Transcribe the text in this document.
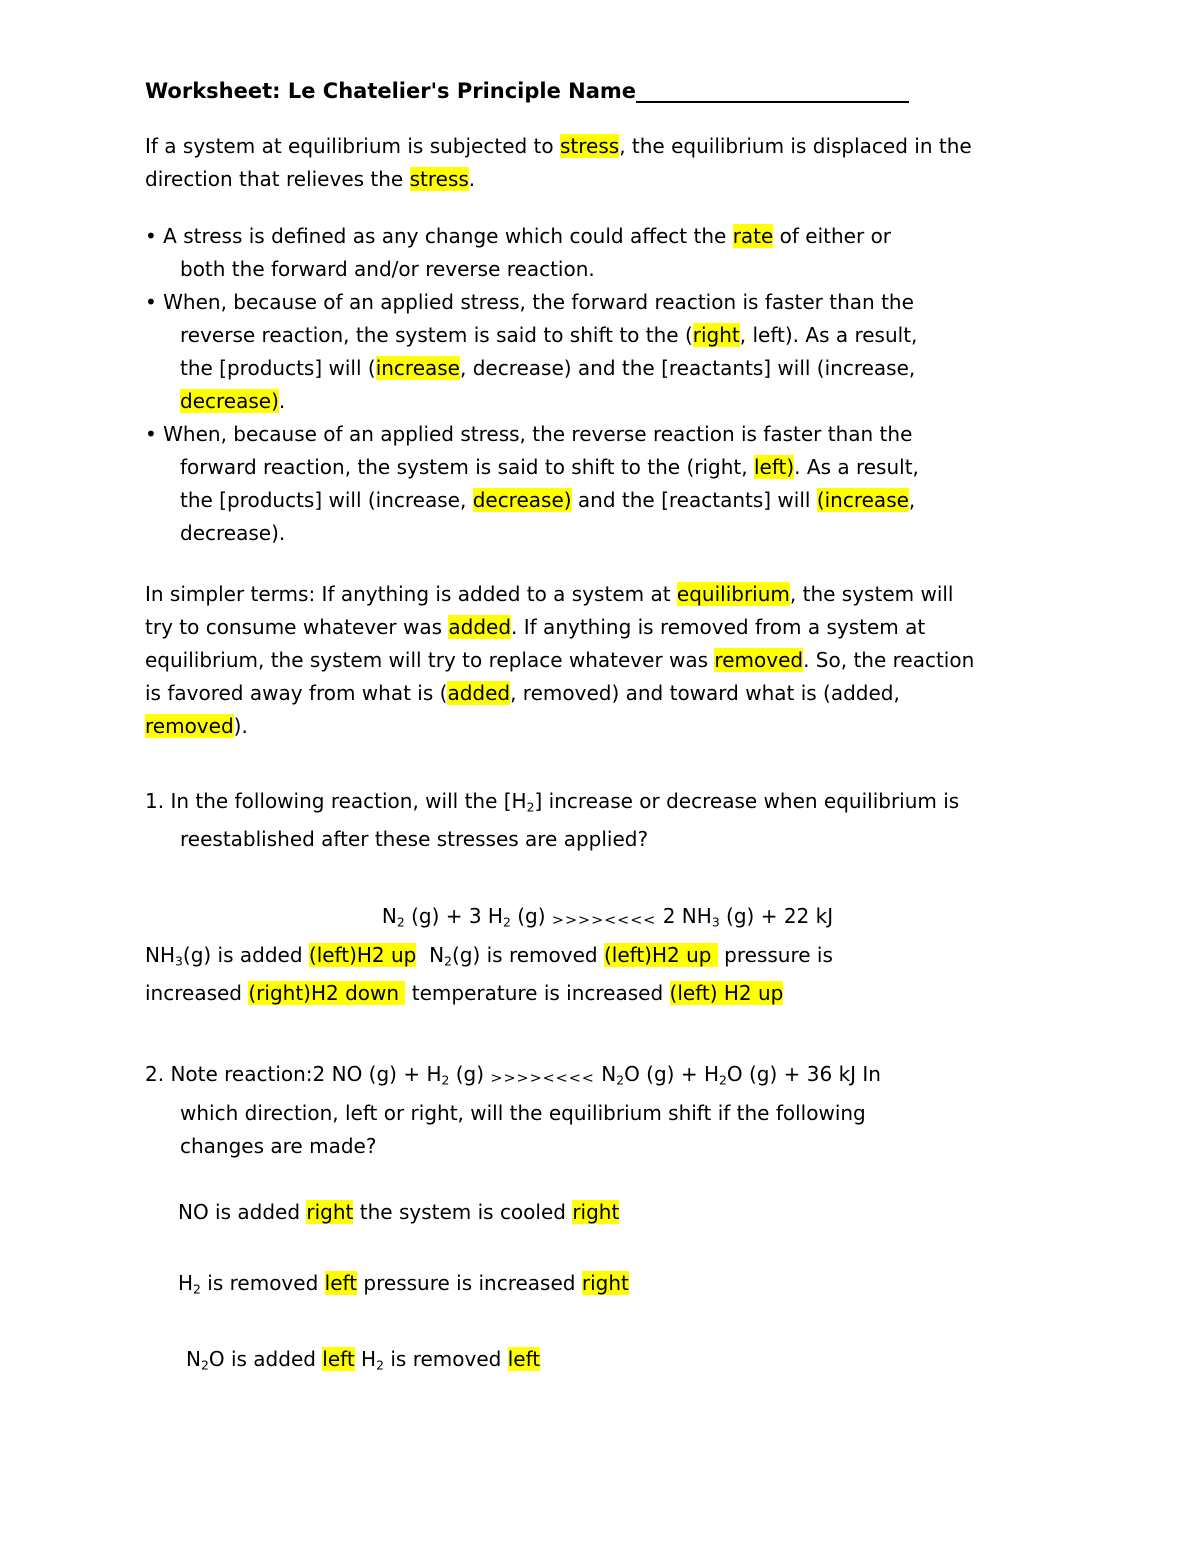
Worksheet: Le Chatelier's Principle Name__________________________
If a system at equilibrium is subjected to stress, the equilibrium is displaced in the
direction that relieves the stress.
• A stress is defined as any change which could affect the rate of either or
both the forward and/or reverse reaction.
• When, because of an applied stress, the forward reaction is faster than the
reverse reaction, the system is said to shift to the (right, left). As a result,
the [products] will (increase, decrease) and the [reactants] will (increase,
decrease).
• When, because of an applied stress, the reverse reaction is faster than the
forward reaction, the system is said to shift to the (right, left). As a result,
the [products] will (increase, decrease) and the [reactants] will (increase,
decrease).
In simpler terms: If anything is added to a system at equilibrium, the system will
try to consume whatever was added. If anything is removed from a system at
equilibrium, the system will try to replace whatever was removed. So, the reaction
is favored away from what is (added, removed) and toward what is (added,
removed).
1. In the following reaction, will the $[H_2]$ increase or decrease when equilibrium is
reestablished after these stresses are applied?
$N_2$ (g) + 3 $H_2$ (g) >>>><<<< 2 $NH_3$ (g) + 22 kJ
$NH_3(g)$ is added (left)H2 up  $N_2(g)$ is removed (left)H2 up  pressure is
increased (right)H2 down  temperature is increased (left) H2 up
2. Note reaction:2 NO $(g) + H_2$ (g) >>>><<<< $N_2O$ $(g) + H_2O$ (g) + 36 kJ In
which direction, left or right, will the equilibrium shift if the following
changes are made?
NO is added right the system is cooled right
$H_2$ is removed left pressure is increased right
$N_2O$ is added left $H_2$ is removed left
